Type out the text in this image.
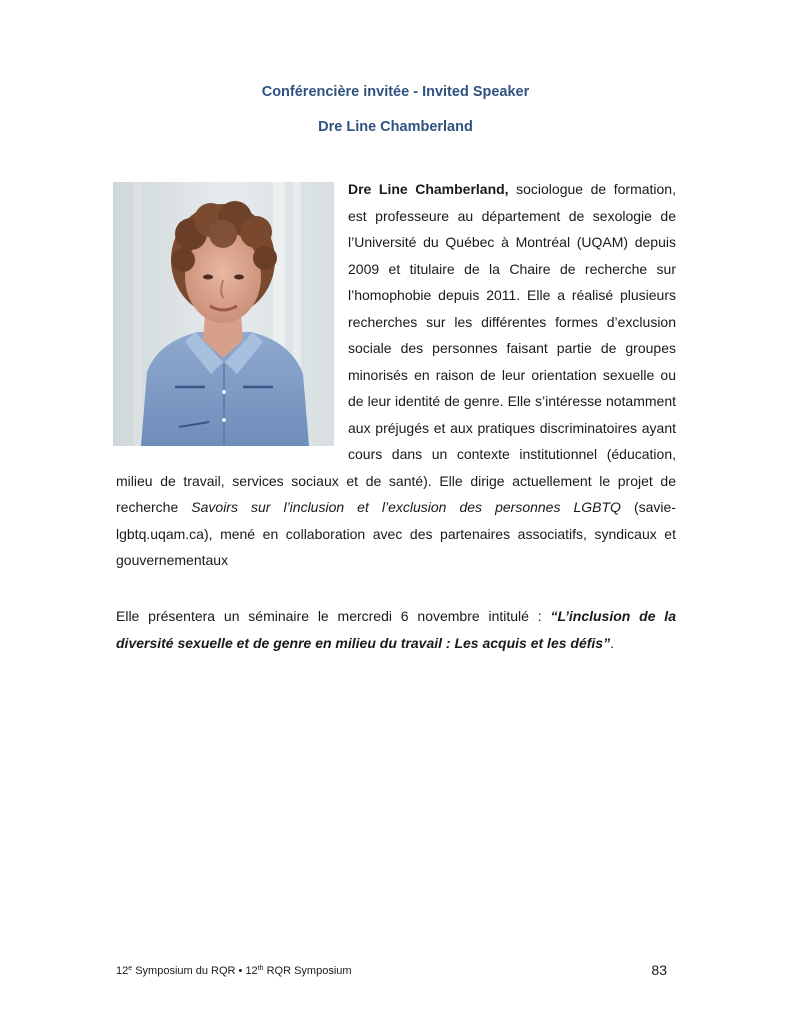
Conférencière invitée - Invited Speaker
Dre Line Chamberland
Dre Line Chamberland, sociologue de formation, est professeure au département de sexologie de l’Université du Québec à Montréal (UQAM) depuis 2009 et titulaire de la Chaire de recherche sur l’homophobie depuis 2011. Elle a réalisé plusieurs recherches sur les différentes formes d’exclusion sociale des personnes faisant partie de groupes minorisés en raison de leur orientation sexuelle ou de leur identité de genre. Elle s’intéresse notamment aux préjugés et aux pratiques discriminatoires ayant cours dans un contexte institutionnel (éducation, milieu de travail, services sociaux et de santé). Elle dirige actuellement le projet de recherche Savoirs sur l’inclusion et l’exclusion des personnes LGBTQ (savie-lgbtq.uqam.ca), mené en collaboration avec des partenaires associatifs, syndicaux et gouvernementaux
Elle présentera un séminaire le mercredi 6 novembre intitulé : “L’inclusion de la diversité sexuelle et de genre en milieu du travail : Les acquis et les défis”.
12e Symposium du RQR • 12th RQR Symposium	83
